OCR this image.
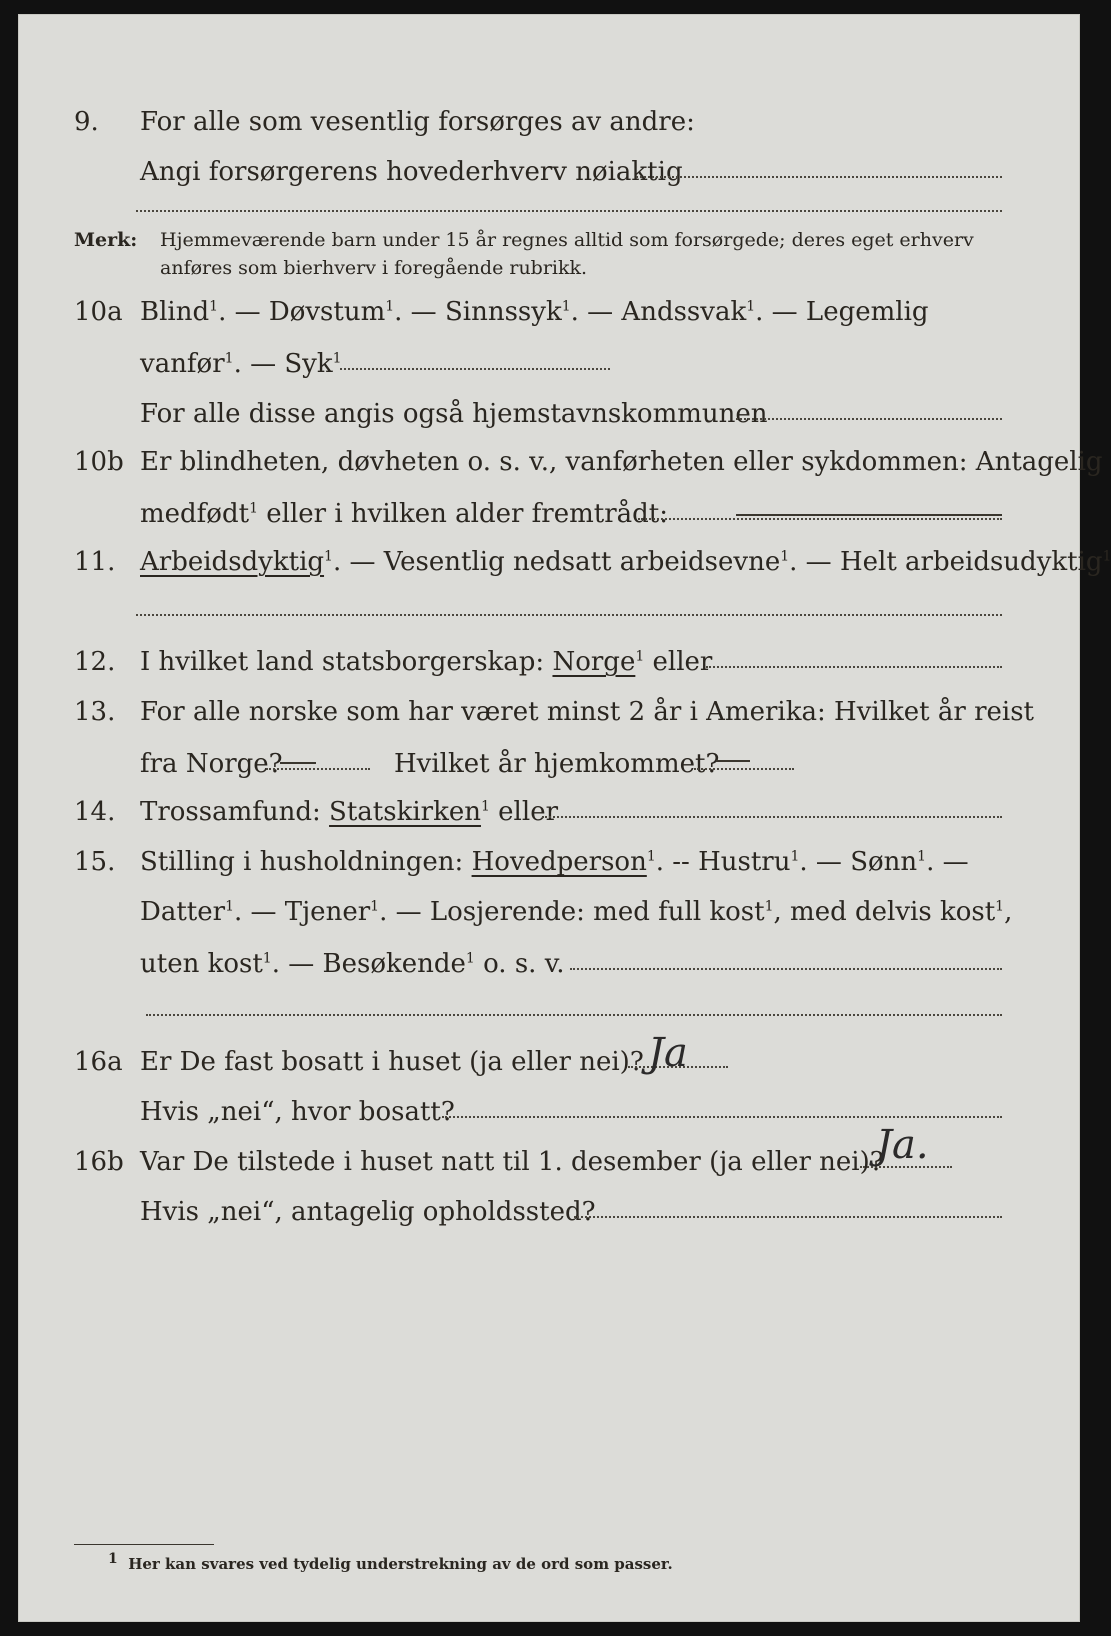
9. For alle som vesentlig forsørges av andre:
Angi forsørgerens hovederhverv nøiaktig
Merk: Hjemmeværende barn under 15 år regnes alltid som forsørgede; deres eget erhverv
anføres som bierhverv i foregående rubrikk.
10a Blind$^1$. — Døvstum$^1$. — Sinnssyk$^1$. — Andssvak$^1$. — Legemlig
vanfør$^1$. — Syk$^1$
For alle disse angis også hjemstavnskommunen
10b Er blindheten, døvheten o. s. v., vanførheten eller sykdommen: Antagelig
medfødt$^1$ eller i hvilken alder fremtrådt:
11. Arbeidsdyktig$^1$. — Vesentlig nedsatt arbeidsevne$^1$. — Helt arbeidsudyktig$^1$
12. I hvilket land statsborgerskap: Norge$^1$ eller
13. For alle norske som har været minst 2 år i Amerika: Hvilket år reist
fra Norge?	Hvilket år hjemkommet?
14. Trossamfund: Statskirken$^1$ eller
15. Stilling i husholdningen: Hovedperson$^1$. -- Hustru$^1$. — Sønn$^1$. —
Datter$^1$. — Tjener$^1$. — Losjerende: med full kost$^1$, med delvis kost$^1$,
uten kost$^1$. — Besøkende$^1$ o. s. v.
16a Er De fast bosatt i huset (ja eller nei)? Ja
Hvis „nei“, hvor bosatt?
16b Var De tilstede i huset natt til 1. desember (ja eller nei)?
Ja.
Hvis „nei“, antagelig opholdssted?
1 Her kan svares ved tydelig understrekning av de ord som passer.
